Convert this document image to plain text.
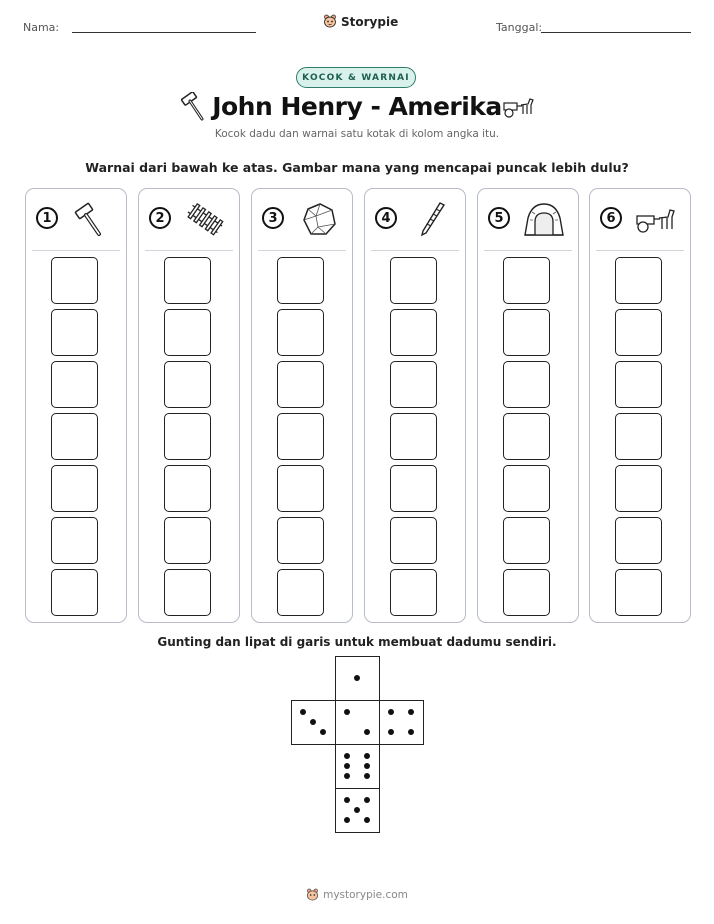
Nama:	Storypie	Tanggal:
KOCOK & WARNAI
John Henry - Amerika
Kocok dadu dan warnai satu kotak di kolom angka itu.
Warnai dari bawah ke atas. Gambar mana yang mencapai puncak lebih dulu?
1	2	3	4	5	6
Gunting dan lipat di garis untuk membuat dadumu sendiri.
mystorypie.com
